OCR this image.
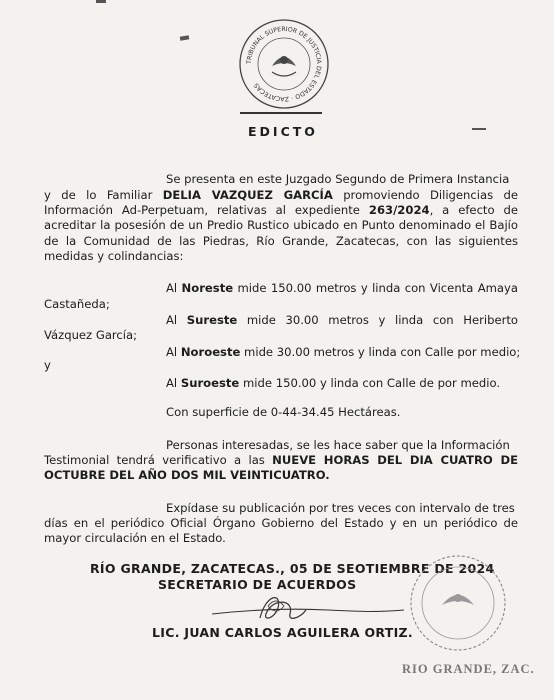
TRIBUNAL SUPERIOR DE JUSTICIA DEL ESTADO · ZACATECAS
EDICTO
Se presenta en este Juzgado Segundo de Primera Instancia
y de lo Familiar DELIA VAZQUEZ GARCÍA promoviendo Diligencias de
Información Ad-Perpetuam, relativas al expediente 263/2024, a efecto de
acreditar la posesión de un Predio Rustico ubicado en Punto denominado el Bajío
de la Comunidad de las Piedras, Río Grande, Zacatecas, con las siguientes
medidas y colindancias:
Al Noreste mide 150.00 metros y linda con Vicenta Amaya
Castañeda;
Al Sureste mide 30.00 metros y linda con Heriberto
Vázquez García;
Al Noroeste mide 30.00 metros y linda con Calle por medio;
y
Al Suroeste mide 150.00 y linda con Calle de por medio.
Con superficie de 0-44-34.45 Hectáreas.
Personas interesadas, se les hace saber que la Información
Testimonial tendrá verificativo a las NUEVE HORAS DEL DIA CUATRO DE
OCTUBRE DEL AÑO DOS MIL VEINTICUATRO.
Expídase su publicación por tres veces con intervalo de tres
días en el periódico Oficial Órgano Gobierno del Estado y en un periódico de
mayor circulación en el Estado.
RÍO GRANDE, ZACATECAS., 05 DE SEOTIEMBRE DE 2024
SECRETARIO DE ACUERDOS
LIC. JUAN CARLOS AGUILERA ORTIZ.
RIO GRANDE, ZAC.
